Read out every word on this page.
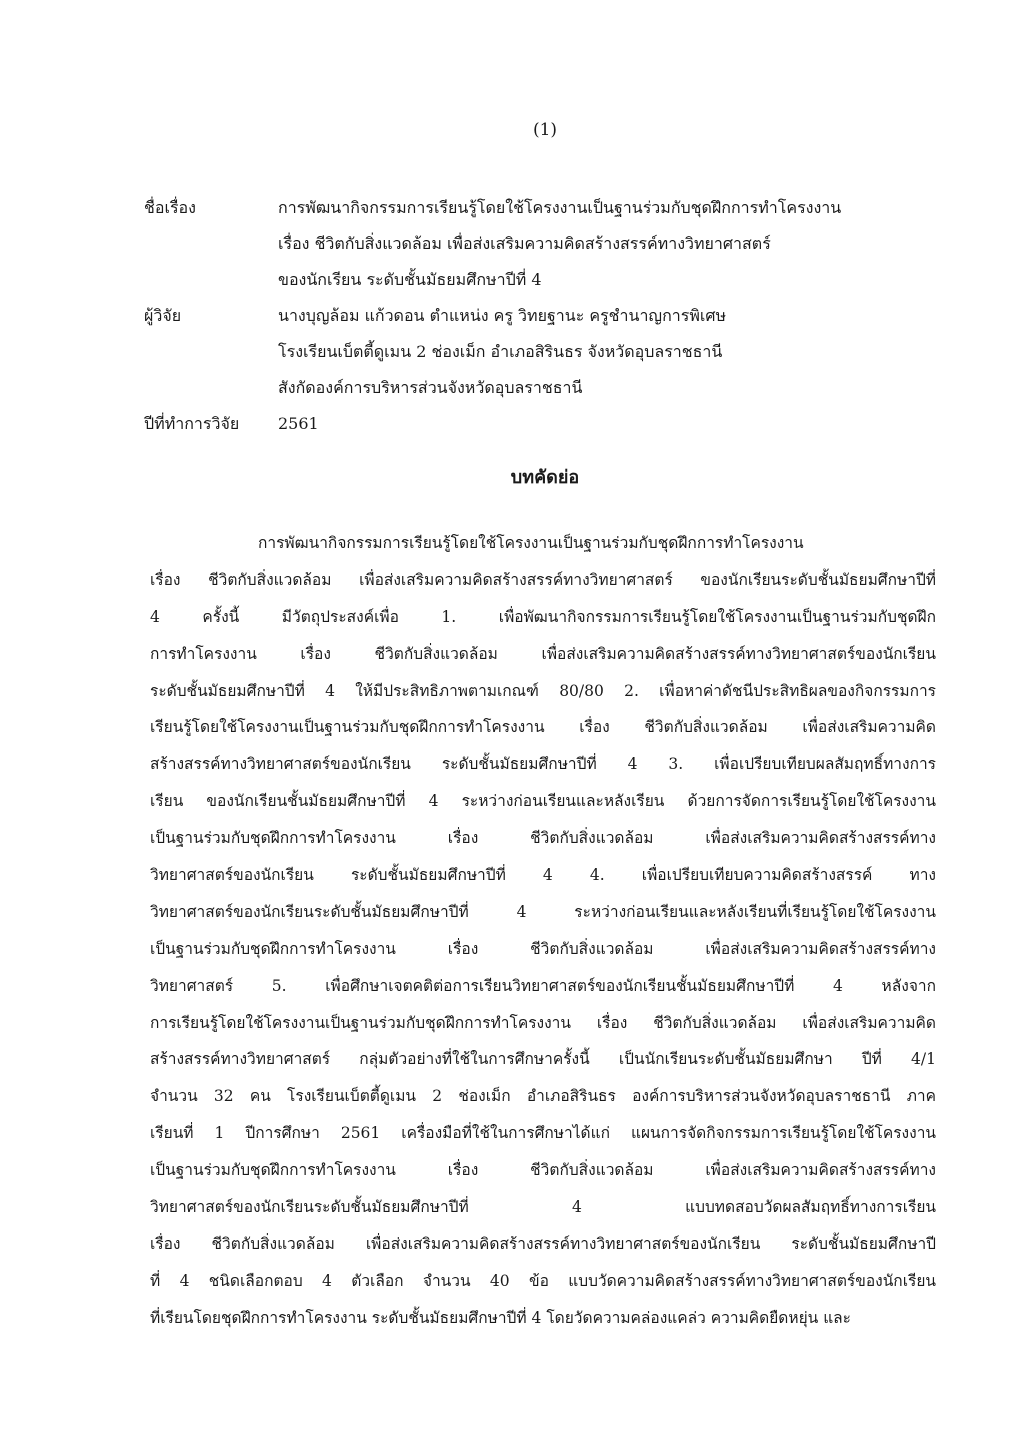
(1)
ชื่อเรื่อง	การพัฒนากิจกรรมการเรียนรู้โดยใช้โครงงานเป็นฐานร่วมกับชุดฝึกการทำโครงงาน
เรื่อง ชีวิตกับสิ่งแวดล้อม เพื่อส่งเสริมความคิดสร้างสรรค์ทางวิทยาศาสตร์
ของนักเรียน ระดับชั้นมัธยมศึกษาปีที่ 4
ผู้วิจัย	นางบุญล้อม แก้วดอน ตำแหน่ง ครู วิทยฐานะ ครูชำนาญการพิเศษ
โรงเรียนเบ็ตตี้ดูเมน 2 ช่องเม็ก อำเภอสิรินธร จังหวัดอุบลราชธานี
สังกัดองค์การบริหารส่วนจังหวัดอุบลราชธานี
ปีที่ทำการวิจัย	2561
บทคัดย่อ
การพัฒนากิจกรรมการเรียนรู้โดยใช้โครงงานเป็นฐานร่วมกับชุดฝึกการทำโครงงาน
เรื่อง ชีวิตกับสิ่งแวดล้อม เพื่อส่งเสริมความคิดสร้างสรรค์ทางวิทยาศาสตร์ ของนักเรียนระดับชั้นมัธยมศึกษาปีที่
4 ครั้งนี้ มีวัตถุประสงค์เพื่อ 1. เพื่อพัฒนากิจกรรมการเรียนรู้โดยใช้โครงงานเป็นฐานร่วมกับชุดฝึก
การทำโครงงาน เรื่อง ชีวิตกับสิ่งแวดล้อม เพื่อส่งเสริมความคิดสร้างสรรค์ทางวิทยาศาสตร์ของนักเรียน
ระดับชั้นมัธยมศึกษาปีที่ 4 ให้มีประสิทธิภาพตามเกณฑ์ 80/80 2. เพื่อหาค่าดัชนีประสิทธิผลของกิจกรรมการ
เรียนรู้โดยใช้โครงงานเป็นฐานร่วมกับชุดฝึกการทำโครงงาน เรื่อง ชีวิตกับสิ่งแวดล้อม เพื่อส่งเสริมความคิด
สร้างสรรค์ทางวิทยาศาสตร์ของนักเรียน ระดับชั้นมัธยมศึกษาปีที่ 4 3. เพื่อเปรียบเทียบผลสัมฤทธิ์ทางการ
เรียน ของนักเรียนชั้นมัธยมศึกษาปีที่ 4 ระหว่างก่อนเรียนและหลังเรียน ด้วยการจัดการเรียนรู้โดยใช้โครงงาน
เป็นฐานร่วมกับชุดฝึกการทำโครงงาน เรื่อง ชีวิตกับสิ่งแวดล้อม เพื่อส่งเสริมความคิดสร้างสรรค์ทาง
วิทยาศาสตร์ของนักเรียน ระดับชั้นมัธยมศึกษาปีที่ 4 4. เพื่อเปรียบเทียบความคิดสร้างสรรค์ ทาง
วิทยาศาสตร์ของนักเรียนระดับชั้นมัธยมศึกษาปีที่ 4 ระหว่างก่อนเรียนและหลังเรียนที่เรียนรู้โดยใช้โครงงาน
เป็นฐานร่วมกับชุดฝึกการทำโครงงาน เรื่อง ชีวิตกับสิ่งแวดล้อม เพื่อส่งเสริมความคิดสร้างสรรค์ทาง
วิทยาศาสตร์ 5. เพื่อศึกษาเจตคติต่อการเรียนวิทยาศาสตร์ของนักเรียนชั้นมัธยมศึกษาปีที่ 4 หลังจาก
การเรียนรู้โดยใช้โครงงานเป็นฐานร่วมกับชุดฝึกการทำโครงงาน เรื่อง ชีวิตกับสิ่งแวดล้อม เพื่อส่งเสริมความคิด
สร้างสรรค์ทางวิทยาศาสตร์ กลุ่มตัวอย่างที่ใช้ในการศึกษาครั้งนี้ เป็นนักเรียนระดับชั้นมัธยมศึกษา ปีที่ 4/1
จำนวน 32 คน โรงเรียนเบ็ตตี้ดูเมน 2 ช่องเม็ก อำเภอสิรินธร องค์การบริหารส่วนจังหวัดอุบลราชธานี ภาค
เรียนที่ 1 ปีการศึกษา 2561 เครื่องมือที่ใช้ในการศึกษาได้แก่ แผนการจัดกิจกรรมการเรียนรู้โดยใช้โครงงาน
เป็นฐานร่วมกับชุดฝึกการทำโครงงาน เรื่อง ชีวิตกับสิ่งแวดล้อม เพื่อส่งเสริมความคิดสร้างสรรค์ทาง
วิทยาศาสตร์ของนักเรียนระดับชั้นมัธยมศึกษาปีที่ 4 แบบทดสอบวัดผลสัมฤทธิ์ทางการเรียน
เรื่อง ชีวิตกับสิ่งแวดล้อม เพื่อส่งเสริมความคิดสร้างสรรค์ทางวิทยาศาสตร์ของนักเรียน ระดับชั้นมัธยมศึกษาปี
ที่ 4 ชนิดเลือกตอบ 4 ตัวเลือก จำนวน 40 ข้อ แบบวัดความคิดสร้างสรรค์ทางวิทยาศาสตร์ของนักเรียน
ที่เรียนโดยชุดฝึกการทำโครงงาน ระดับชั้นมัธยมศึกษาปีที่ 4 โดยวัดความคล่องแคล่ว ความคิดยืดหยุ่น และ
